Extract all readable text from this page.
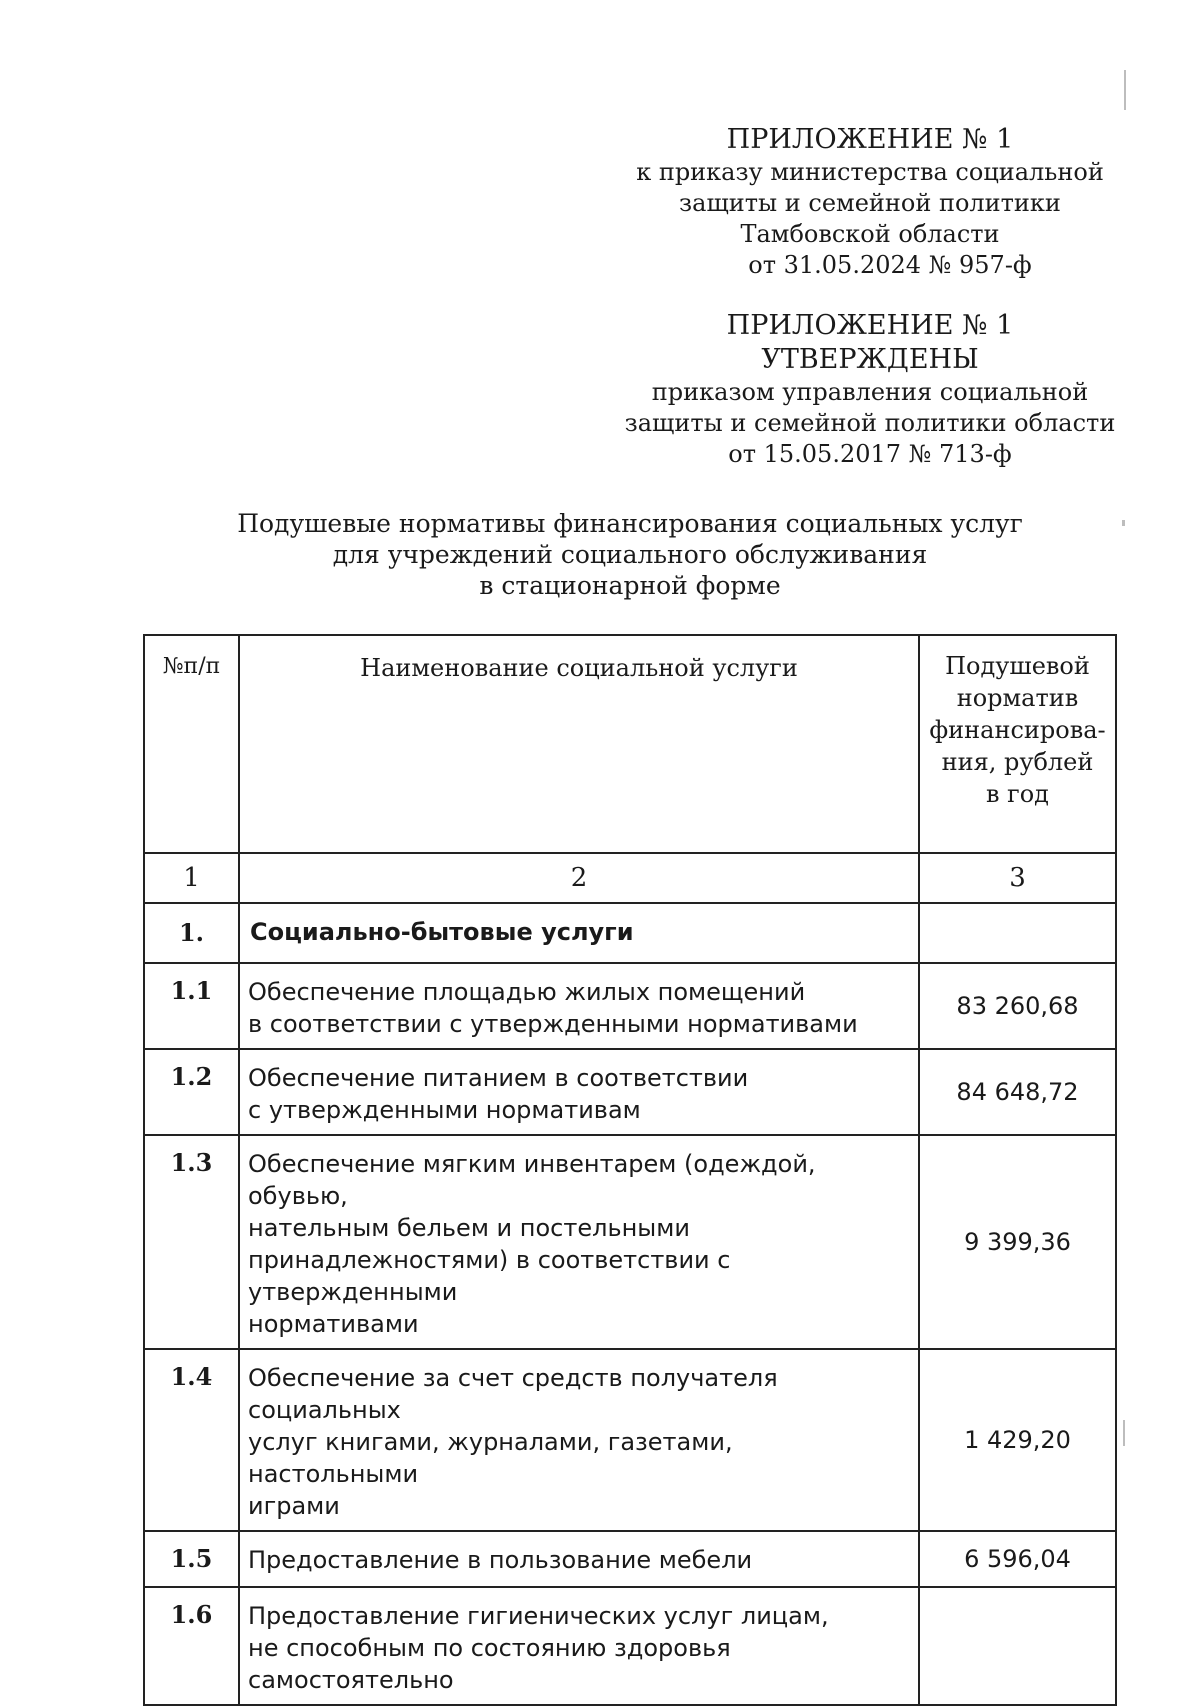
ПРИЛОЖЕНИЕ № 1
к приказу министерства социальной
защиты и семейной политики
Тамбовской области
от 31.05.2024 № 957-ф
ПРИЛОЖЕНИЕ № 1
УТВЕРЖДЕНЫ
приказом управления социальной
защиты и семейной политики области
от 15.05.2017 № 713-ф
Подушевые нормативы финансирования социальных услуг
для учреждений социального обслуживания
в стационарной форме
№п/п	Наименование социальной услуги	Подушевой
норматив
финансирова-
ния, рублей
в год

1	2	3
1.	Социально-бытовые услуги	
1.1	Обеспечение площадью жилых помещений
в соответствии с утвержденными нормативами	83 260,68
1.2	Обеспечение питанием в соответствии
с утвержденными нормативам	84 648,72
1.3	Обеспечение мягким инвентарем (одеждой, обувью,
нательным бельем и постельными
принадлежностями) в соответствии с утвержденными
нормативами	9 399,36
1.4	Обеспечение за счет средств получателя социальных
услуг книгами, журналами, газетами, настольными
играми	1 429,20
1.5	Предоставление в пользование мебели	6 596,04
1.6	Предоставление гигиенических услуг лицам,
не способным по состоянию здоровья самостоятельно	
